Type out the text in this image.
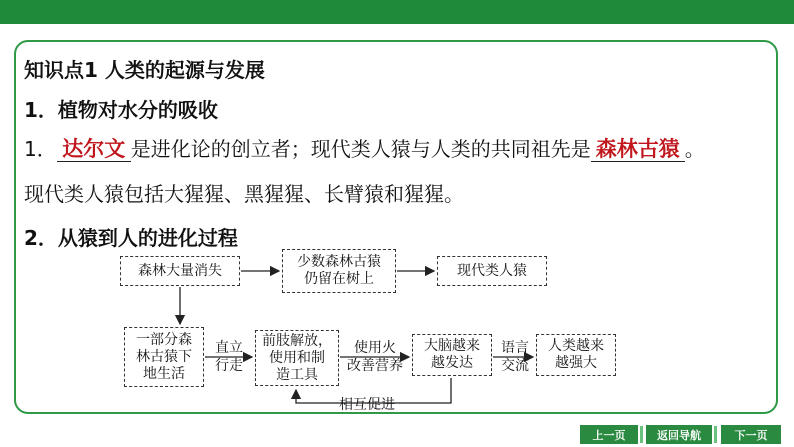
知识点1 人类的起源与发展
1．植物对水分的吸收
1． 达尔文 是进化论的创立者；现代类人猿与人类的共同祖先是 森林古猿 。
现代类人猿包括大猩猩、黑猩猩、长臂猿和猩猩。
2．从猿到人的进化过程
森林大量消失
少数森林古猿
仍留在树上
现代类人猿
一部分森
林古猿下
地生活
直立
行走
前肢解放，
使用和制
造工具
使用火
改善营养
大脑越来
越发达
语言
交流
人类越来
越强大
相互促进
上一页	返回导航	下一页
